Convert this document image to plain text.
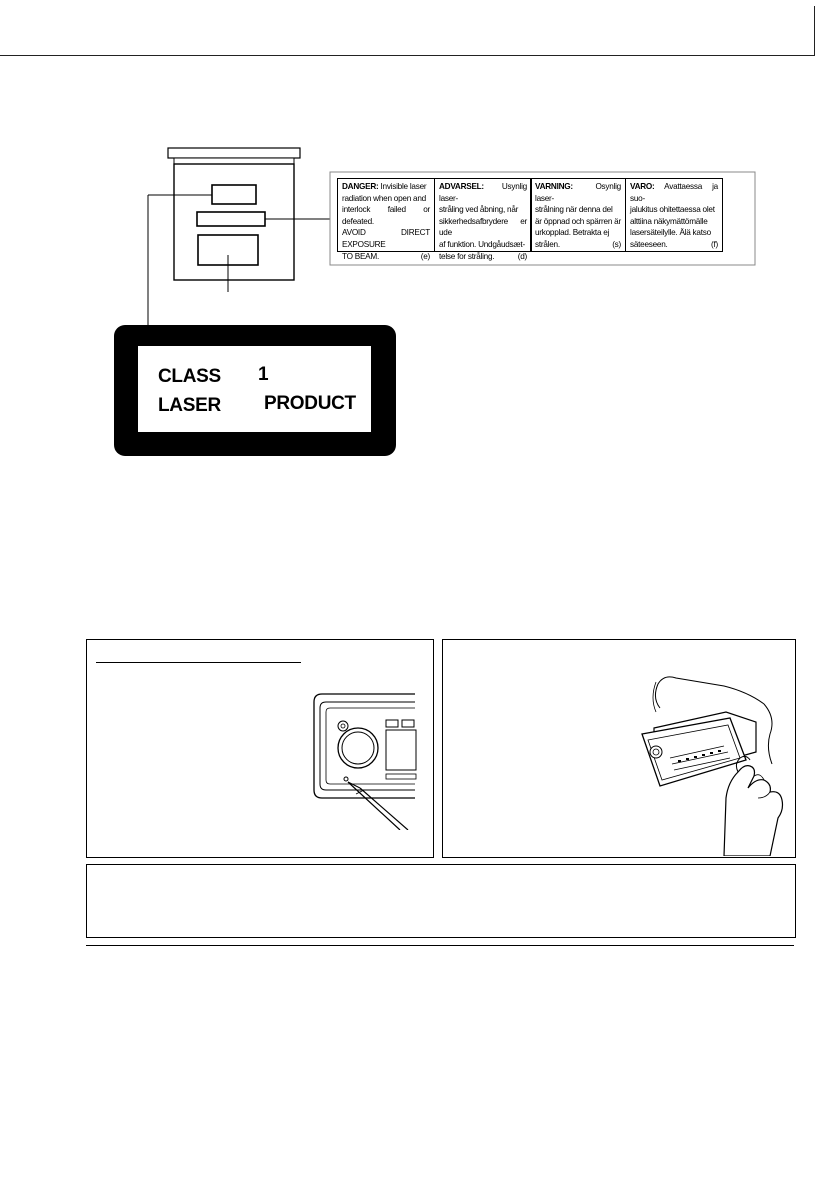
DANGER: Invisible laser
radiation when open and
interlock failed or defeated.
AVOID DIRECT EXPOSURE
TO BEAM.	(e)
ADVARSEL: Usynlig laser-
stråling ved åbning, når
sikkerhedsafbrydere er ude
af funktion. Undgåudsæt-
telse for stråling.	(d)
VARNING:	Osynlig laser-
strålning när denna del
är öppnad och spärren är
urkopplad. Betrakta ej
strålen.	(s)
VARO: Avattaessa ja suo-
jalukitus ohitettaessa olet
alttiina näkymättömälle
lasersäteilylle. Älä katso
säteeseen.	(f)
CLASS 1
LASER PRODUCT
